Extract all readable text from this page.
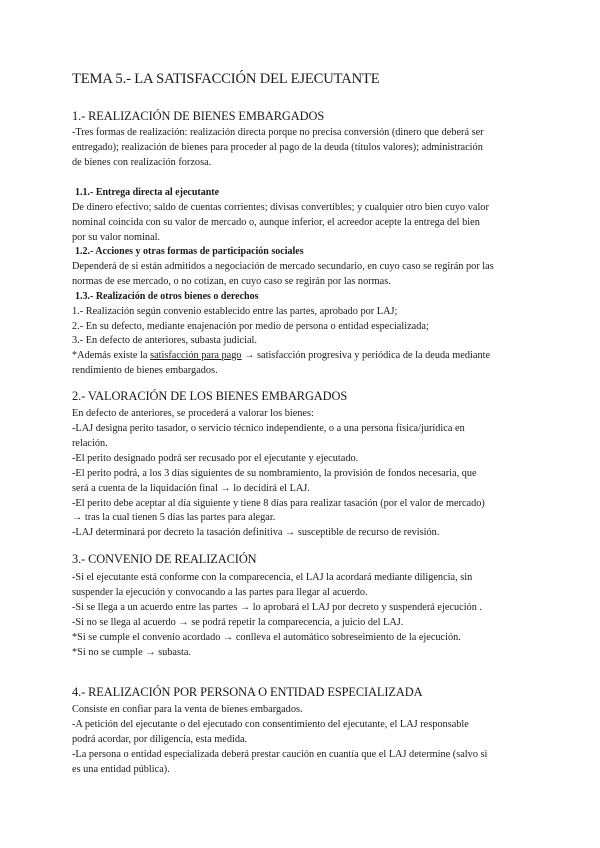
TEMA 5.- LA SATISFACCIÓN DEL EJECUTANTE
1.- REALIZACIÓN DE BIENES EMBARGADOS
-Tres formas de realización: realización directa porque no precisa conversión (dinero que deberá ser
entregado); realización de bienes para proceder al pago de la deuda (títulos valores); administración
de bienes con realización forzosa.
1.1.- Entrega directa al ejecutante
De dinero efectivo; saldo de cuentas corrientes; divisas convertibles; y cualquier otro bien cuyo valor
nominal coincida con su valor de mercado o, aunque inferior, el acreedor acepte la entrega del bien
por su valor nominal.
1.2.- Acciones y otras formas de participación sociales
Dependerá de si están admitidos a negociación de mercado secundario, en cuyo caso se regirán por las
normas de ese mercado, o no cotizan, en cuyo caso se regirán por las normas.
1.3.- Realización de otros bienes o derechos
1.- Realización según convenio establecido entre las partes, aprobado por LAJ;
2.- En su defecto, mediante enajenación por medio de persona o entidad especializada;
3.- En defecto de anteriores, subasta judicial.
*Además existe la satisfacción para pago → satisfacción progresiva y periódica de la deuda mediante
rendimiento de bienes embargados.
2.- VALORACIÓN DE LOS BIENES EMBARGADOS
En defecto de anteriores, se procederá a valorar los bienes:
-LAJ designa perito tasador, o servicio técnico independiente, o a una persona física/jurídica en
relación.
-El perito designado podrá ser recusado por el ejecutante y ejecutado.
-El perito podrá, a los 3 días siguientes de su nombramiento, la provisión de fondos necesaria, que
será a cuenta de la liquidación final → lo decidirá el LAJ.
-El perito debe aceptar al día siguiente y tiene 8 días para realizar tasación (por el valor de mercado)
→ tras la cual tienen 5 días las partes para alegar.
-LAJ determinará por decreto la tasación definitiva → susceptible de recurso de revisión.
3.- CONVENIO DE REALIZACIÓN
-Si el ejecutante está conforme con la comparecencia, el LAJ la acordará mediante diligencia, sin
suspender la ejecución y convocando a las partes para llegar al acuerdo.
-Si se llega a un acuerdo entre las partes → lo aprobará el LAJ por decreto y suspenderá ejecución .
-Si no se llega al acuerdo → se podrá repetir la comparecencia, a juicio del LAJ.
*Si se cumple el convenio acordado → conlleva el automático sobreseimiento de la ejecución.
*Si no se cumple → subasta.
4.- REALIZACIÓN POR PERSONA O ENTIDAD ESPECIALIZADA
Consiste en confiar para la venta de bienes embargados.
-A petición del ejecutante o del ejecutado con consentimiento del ejecutante, el LAJ responsable
podrá acordar, por diligencia, esta medida.
-La persona o entidad especializada deberá prestar caución en cuantía que el LAJ determine (salvo si
es una entidad pública).
